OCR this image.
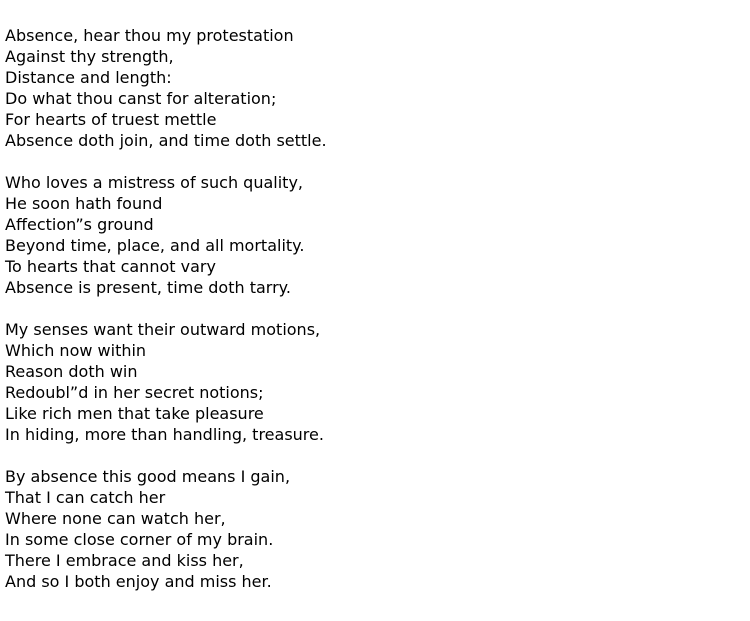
Absence, hear thou my protestation
Against thy strength,
Distance and length:
Do what thou canst for alteration;
For hearts of truest mettle
Absence doth join, and time doth settle.
Who loves a mistress of such quality,
He soon hath found
Affection”s ground
Beyond time, place, and all mortality.
To hearts that cannot vary
Absence is present, time doth tarry.
My senses want their outward motions,
Which now within
Reason doth win
Redoubl”d in her secret notions;
Like rich men that take pleasure
In hiding, more than handling, treasure.
By absence this good means I gain,
That I can catch her
Where none can watch her,
In some close corner of my brain.
There I embrace and kiss her,
And so I both enjoy and miss her.
